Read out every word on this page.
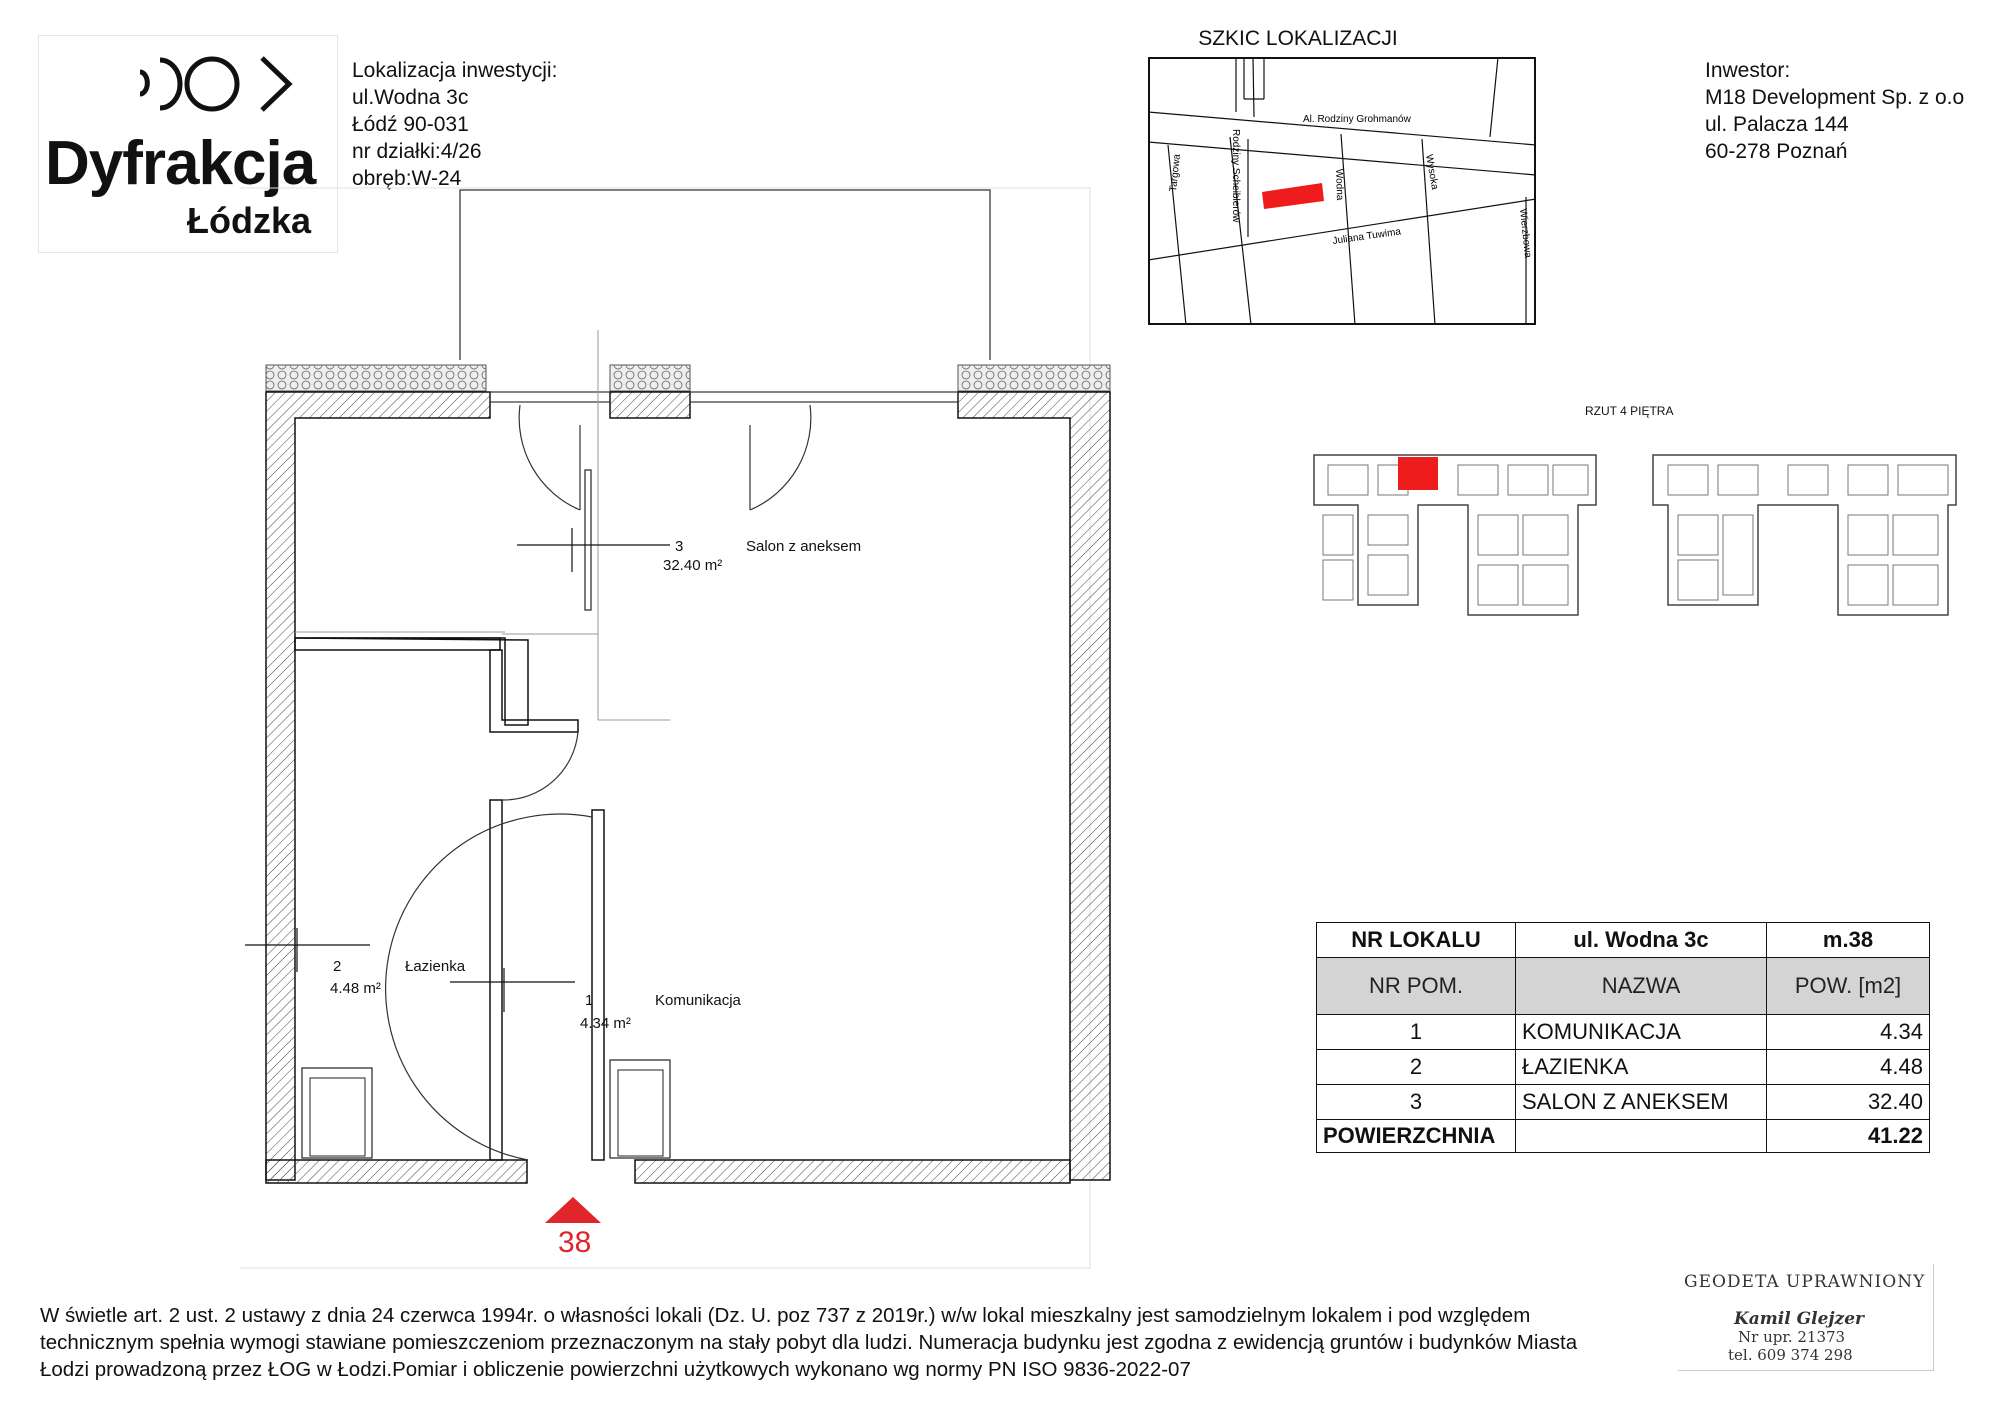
Dyfrakcja
Łódzka
Lokalizacja inwestycji:
ul.Wodna 3c
Łódź 90-031
nr działki:4/26
obręb:W-24
Inwestor:
M18 Development Sp. z o.o
ul. Palacza 144
60-278 Poznań
SZKIC LOKALIZACJI
Al. Rodziny Grohmanów
Rodziny Scheiblerów	Wodna	Wysoka
Targowa
Juliana Tuwima	Wierzbowa
RZUT 4 PIĘTRA
3	Salon z aneksem
32.40 m²
2	Łazienka
4.48 m²
1	Komunikacja
4.34 m²
38
NR LOKALU	ul. Wodna 3c	m.38
NR POM.	NAZWA	POW. [m2]
1	KOMUNIKACJA	4.34
2	ŁAZIENKA	4.48
3	SALON Z ANEKSEM	32.40
POWIERZCHNIA		41.22
W świetle art. 2 ust. 2 ustawy z dnia 24 czerwca 1994r. o własności lokali (Dz. U. poz 737 z 2019r.) w/w lokal mieszkalny jest samodzielnym lokalem i pod względem
technicznym spełnia wymogi stawiane pomieszczeniom przeznaczonym na stały pobyt dla ludzi. Numeracja budynku jest zgodna z ewidencją gruntów i budynków Miasta
Łodzi prowadzoną przez ŁOG w Łodzi.Pomiar i obliczenie powierzchni użytkowych wykonano wg normy PN ISO 9836-2022-07
GEODETA UPRAWNIONY
Kamil Glejzer
Nr upr. 21373
tel. 609 374 298
